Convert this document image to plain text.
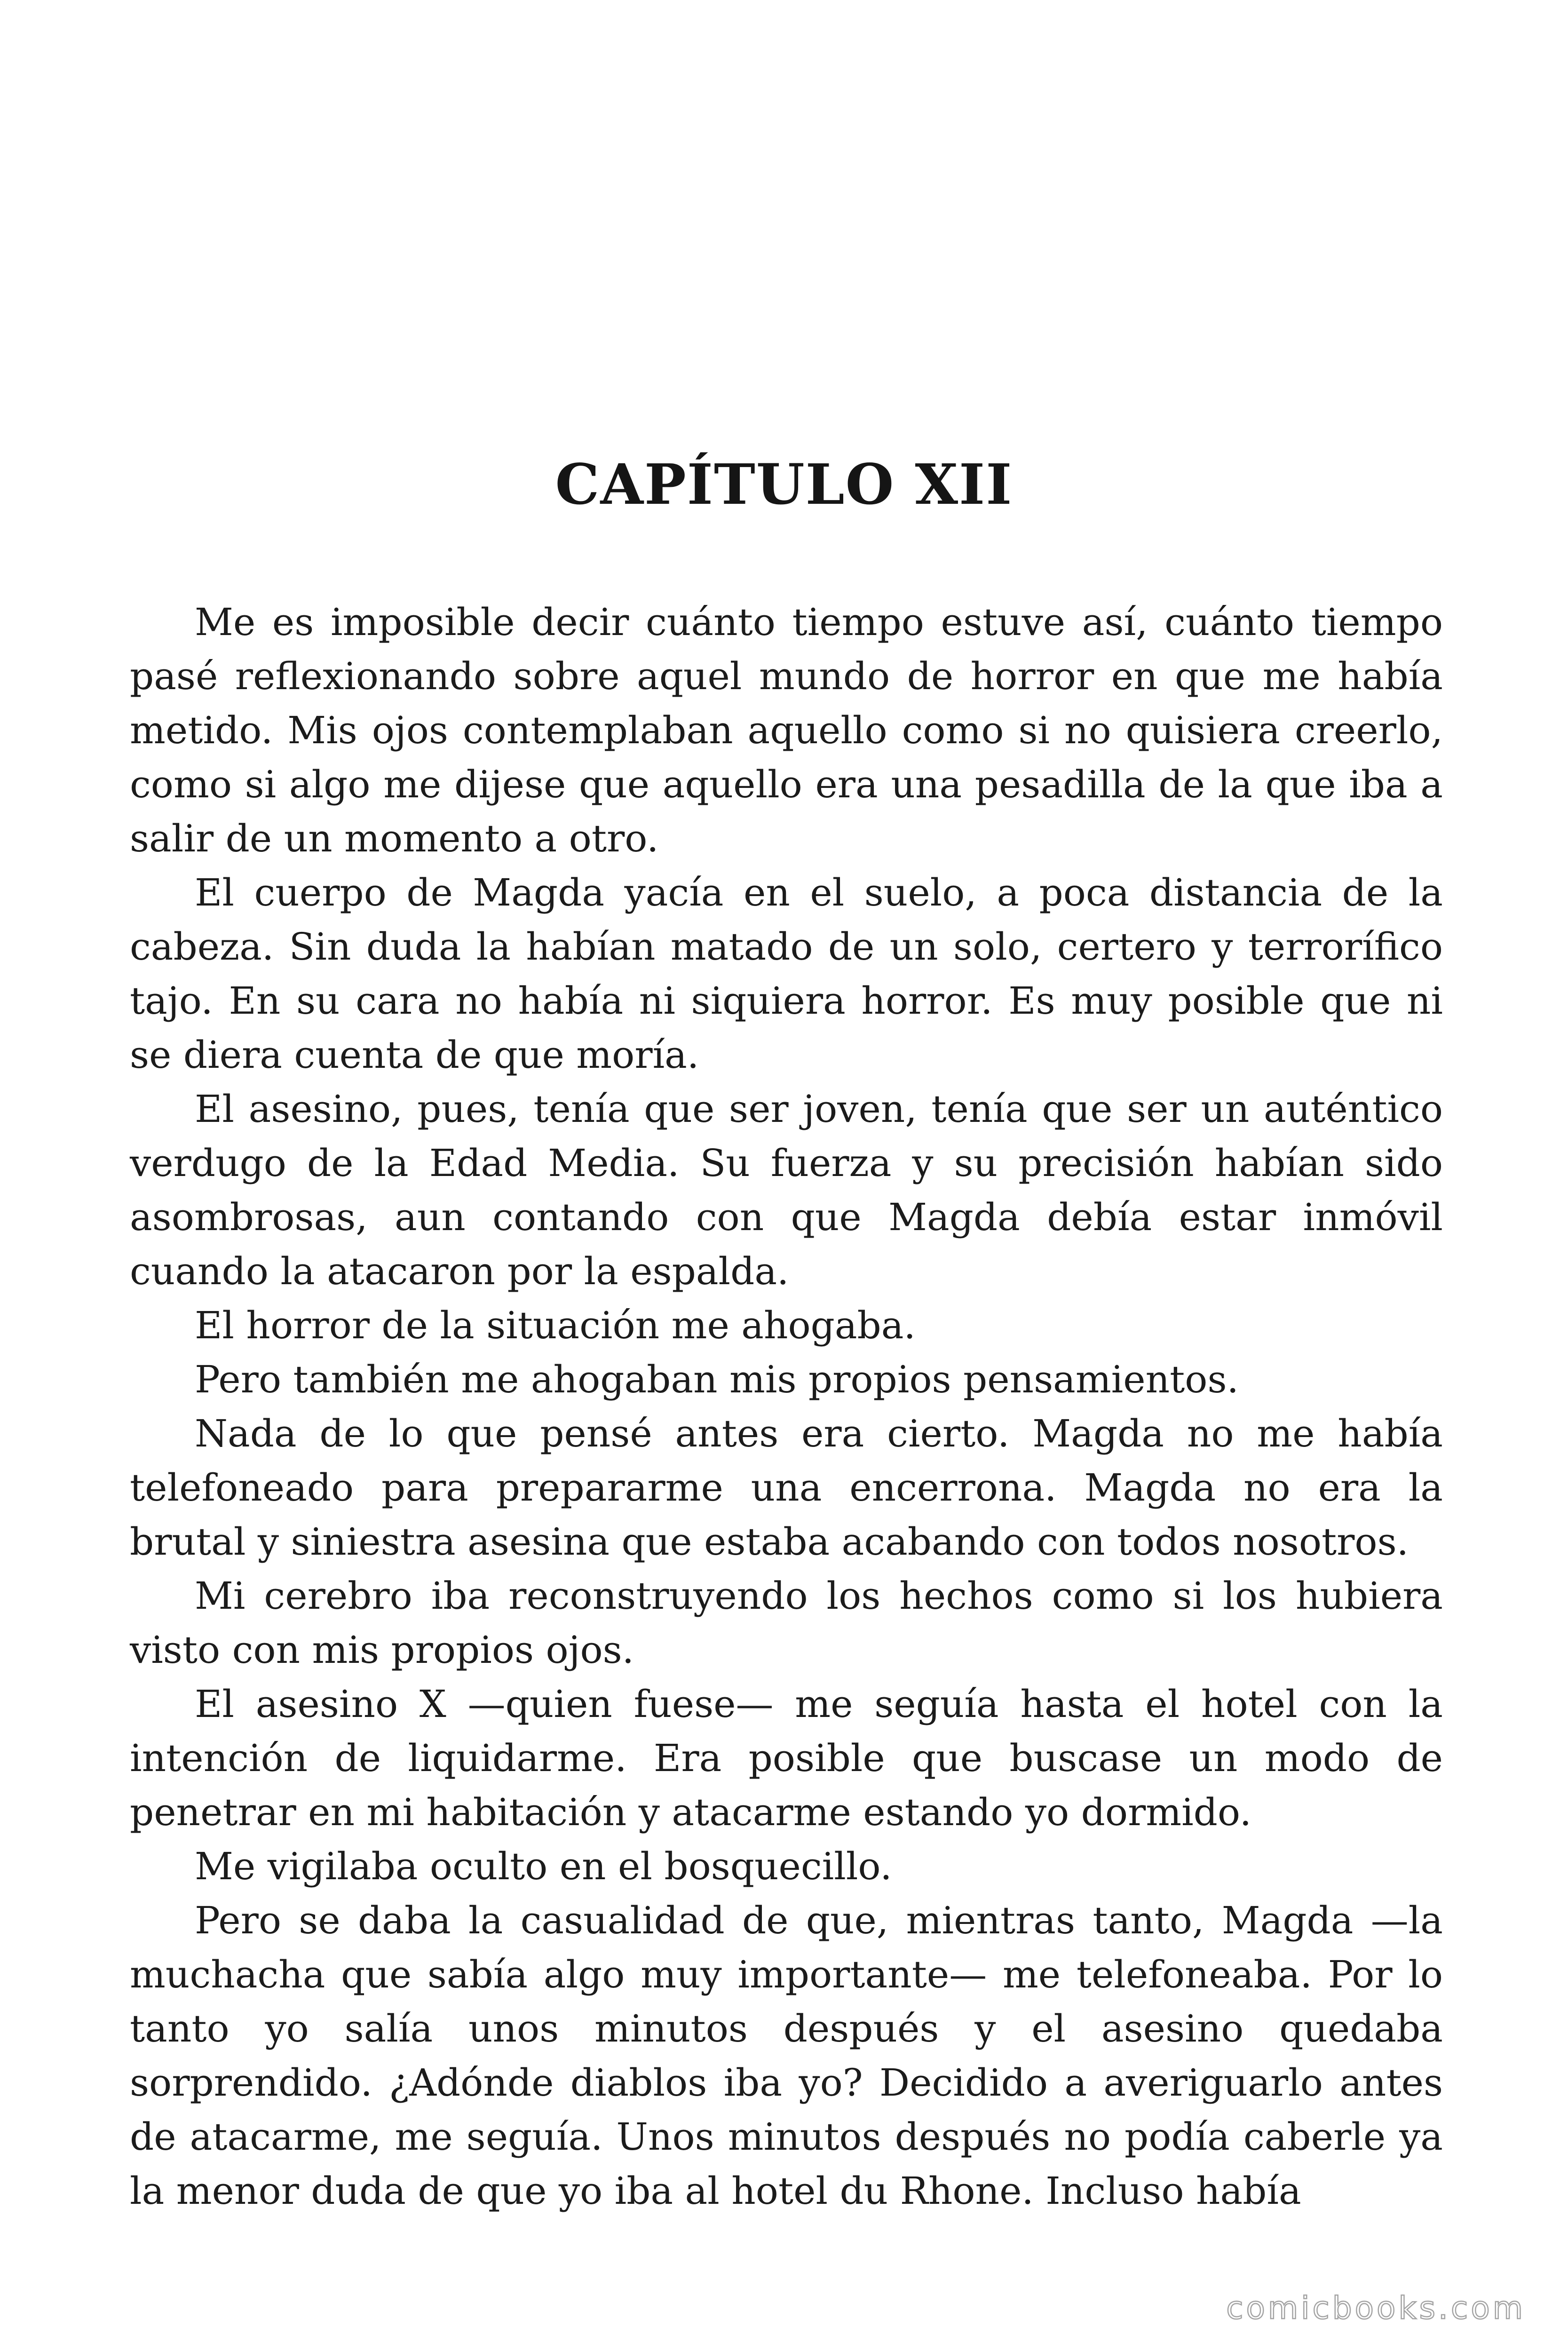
CAPÍTULO XII

Me es imposible decir cuánto tiempo estuve así, cuánto tiempo pasé reflexionando sobre aquel mundo de horror en que me había metido. Mis ojos contemplaban aquello como si no quisiera creerlo, como si algo me dijese que aquello era una pesadilla de la que iba a salir de un momento a otro.

El cuerpo de Magda yacía en el suelo, a poca distancia de la cabeza. Sin duda la habían matado de un solo, certero y terrorífico tajo. En su cara no había ni siquiera horror. Es muy posible que ni se diera cuenta de que moría.

El asesino, pues, tenía que ser joven, tenía que ser un auténtico verdugo de la Edad Media. Su fuerza y su precisión habían sido asombrosas, aun contando con que Magda debía estar inmóvil cuando la atacaron por la espalda.

El horror de la situación me ahogaba.

Pero también me ahogaban mis propios pensamientos.

Nada de lo que pensé antes era cierto. Magda no me había telefoneado para prepararme una encerrona. Magda no era la brutal y siniestra asesina que estaba acabando con todos nosotros.

Mi cerebro iba reconstruyendo los hechos como si los hubiera visto con mis propios ojos.

El asesino X —quien fuese— me seguía hasta el hotel con la intención de liquidarme. Era posible que buscase un modo de penetrar en mi habitación y atacarme estando yo dormido.

Me vigilaba oculto en el bosquecillo.

Pero se daba la casualidad de que, mientras tanto, Magda —la muchacha que sabía algo muy importante— me telefoneaba. Por lo tanto yo salía unos minutos después y el asesino quedaba sorprendido. ¿Adónde diablos iba yo? Decidido a averiguarlo antes de atacarme, me seguía. Unos minutos después no podía caberle ya la menor duda de que yo iba al hotel du Rhone. Incluso había

comicbooks.com
